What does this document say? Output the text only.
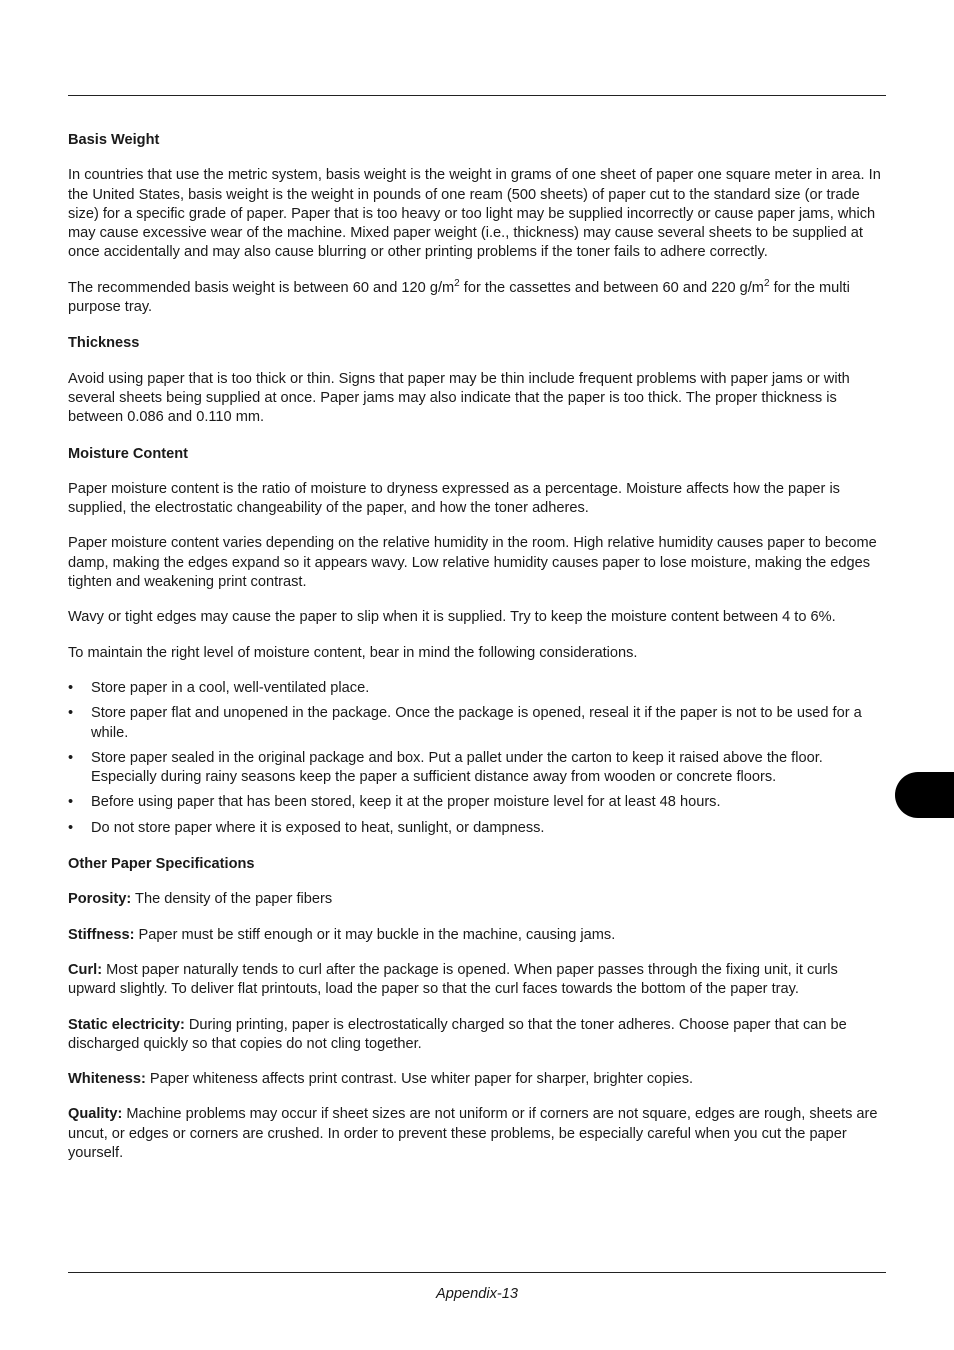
Basis Weight

In countries that use the metric system, basis weight is the weight in grams of one sheet of paper one square meter in area. In the United States, basis weight is the weight in pounds of one ream (500 sheets) of paper cut to the standard size (or trade size) for a specific grade of paper. Paper that is too heavy or too light may be supplied incorrectly or cause paper jams, which may cause excessive wear of the machine. Mixed paper weight (i.e., thickness) may cause several sheets to be supplied at once accidentally and may also cause blurring or other printing problems if the toner fails to adhere correctly.

The recommended basis weight is between 60 and 120 $g/m^2$ for the cassettes and between 60 and 220 $g/m^2$ for the multi purpose tray.

Thickness

Avoid using paper that is too thick or thin. Signs that paper may be thin include frequent problems with paper jams or with several sheets being supplied at once. Paper jams may also indicate that the paper is too thick. The proper thickness is between 0.086 and 0.110 mm.

Moisture Content

Paper moisture content is the ratio of moisture to dryness expressed as a percentage. Moisture affects how the paper is supplied, the electrostatic changeability of the paper, and how the toner adheres.

Paper moisture content varies depending on the relative humidity in the room. High relative humidity causes paper to become damp, making the edges expand so it appears wavy. Low relative humidity causes paper to lose moisture, making the edges tighten and weakening print contrast.

Wavy or tight edges may cause the paper to slip when it is supplied. Try to keep the moisture content between 4 to 6%.

To maintain the right level of moisture content, bear in mind the following considerations.

• Store paper in a cool, well-ventilated place.
• Store paper flat and unopened in the package. Once the package is opened, reseal it if the paper is not to be used for a while.
• Store paper sealed in the original package and box. Put a pallet under the carton to keep it raised above the floor. Especially during rainy seasons keep the paper a sufficient distance away from wooden or concrete floors.
• Before using paper that has been stored, keep it at the proper moisture level for at least 48 hours.
• Do not store paper where it is exposed to heat, sunlight, or dampness.
Other Paper Specifications

Porosity: The density of the paper fibers

Stiffness: Paper must be stiff enough or it may buckle in the machine, causing jams.

Curl: Most paper naturally tends to curl after the package is opened. When paper passes through the fixing unit, it curls upward slightly. To deliver flat printouts, load the paper so that the curl faces towards the bottom of the paper tray.

Static electricity: During printing, paper is electrostatically charged so that the toner adheres. Choose paper that can be discharged quickly so that copies do not cling together.

Whiteness: Paper whiteness affects print contrast. Use whiter paper for sharper, brighter copies.

Quality: Machine problems may occur if sheet sizes are not uniform or if corners are not square, edges are rough, sheets are uncut, or edges or corners are crushed. In order to prevent these problems, be especially careful when you cut the paper yourself.

Appendix-13
